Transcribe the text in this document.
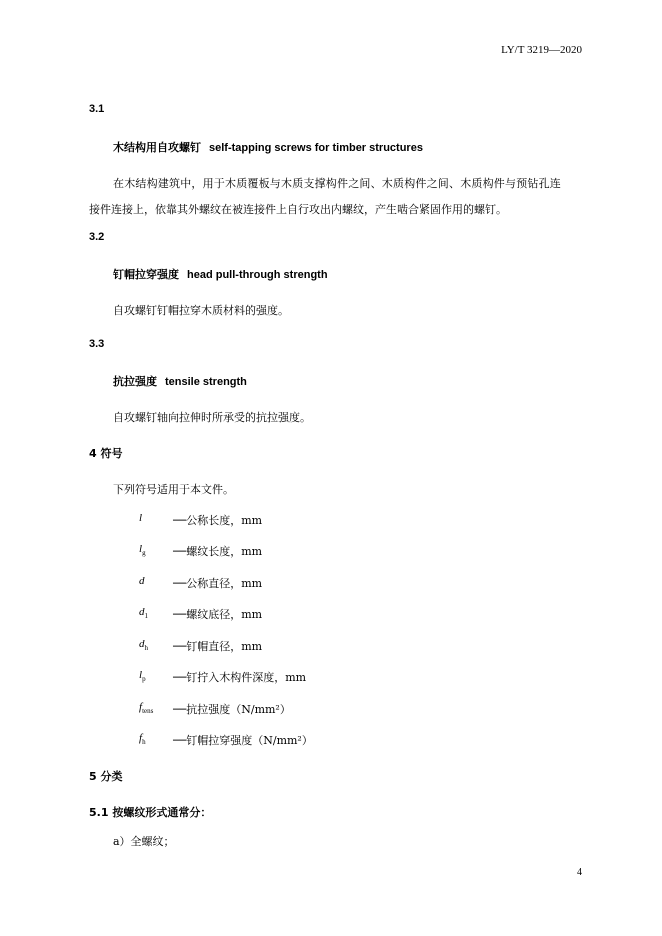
LY/T 3219—2020
3.1
木结构用自攻螺钉 self-tapping screws for timber structures
在木结构建筑中，用于木质覆板与木质支撑构件之间、木质构件之间、木质构件与预钻孔连
接件连接上，依靠其外螺纹在被连接件上自行攻出内螺纹，产生啮合紧固作用的螺钉。
3.2
钉帽拉穿强度 head pull-through strength
自攻螺钉钉帽拉穿木质材料的强度。
3.3
抗拉强度 tensile strength
自攻螺钉轴向拉伸时所承受的抗拉强度。
4 符号
下列符号适用于本文件。
l	──公称长度，mm
$l_g$ ──螺纹长度，mm
d	──公称直径，mm
$d_1$ ──螺纹底径，mm
$d_h$ ──钉帽直径，mm
$l_p$ ──钉拧入木构件深度，mm
$f_{tens}$ ──抗拉强度（N/mm²）
$f_h$ ──钉帽拉穿强度（N/mm²）
5 分类
5.1 按螺纹形式通常分：
a）全螺纹；
4
